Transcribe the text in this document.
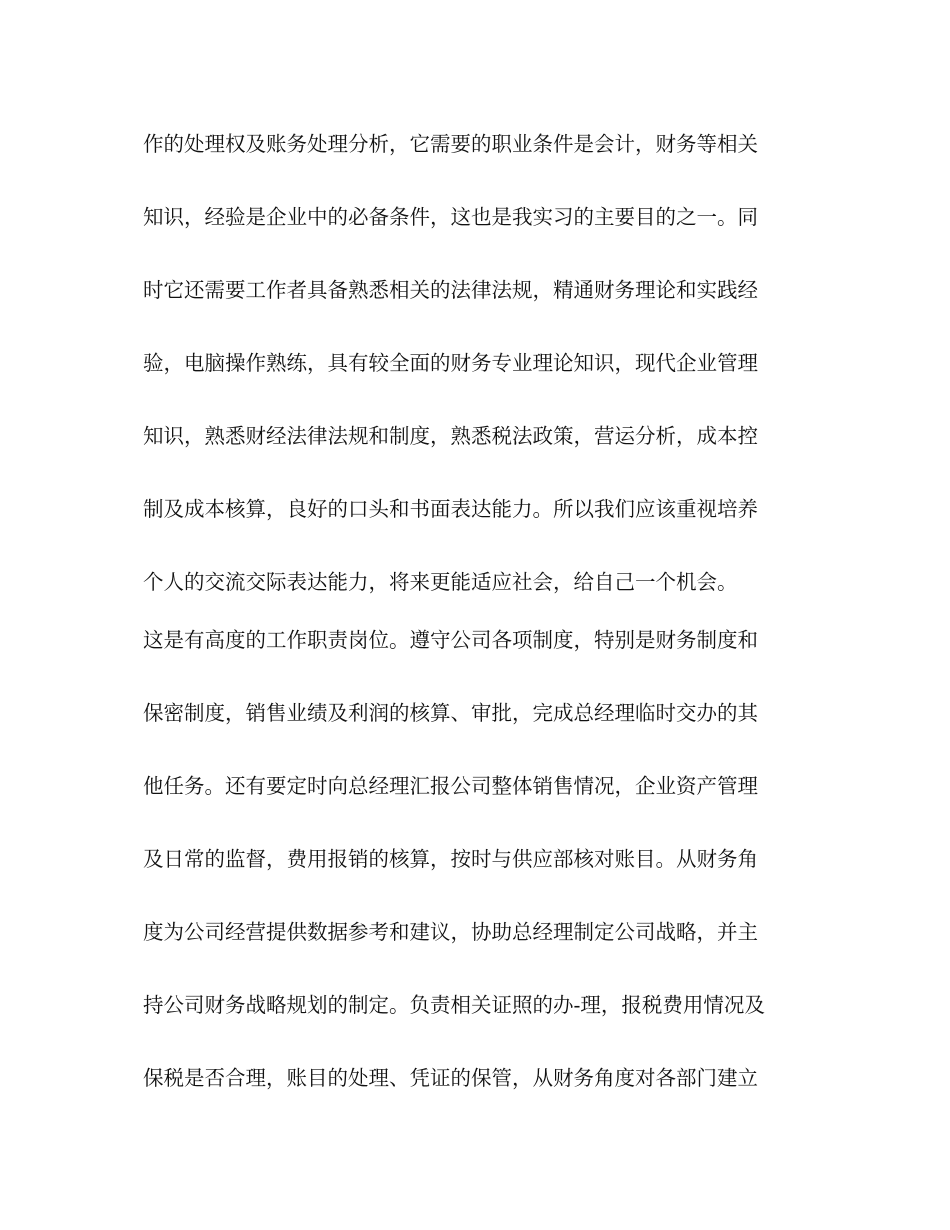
作的处理权及账务处理分析，它需要的职业条件是会计，财务等相关
知识，经验是企业中的必备条件，这也是我实习的主要目的之一。同
时它还需要工作者具备熟悉相关的法律法规，精通财务理论和实践经
验，电脑操作熟练，具有较全面的财务专业理论知识，现代企业管理
知识，熟悉财经法律法规和制度，熟悉税法政策，营运分析，成本控
制及成本核算，良好的口头和书面表达能力。所以我们应该重视培养
个人的交流交际表达能力，将来更能适应社会，给自己一个机会。
这是有高度的工作职责岗位。遵守公司各项制度，特别是财务制度和
保密制度，销售业绩及利润的核算、审批，完成总经理临时交办的其
他任务。还有要定时向总经理汇报公司整体销售情况，企业资产管理
及日常的监督，费用报销的核算，按时与供应部核对账目。从财务角
度为公司经营提供数据参考和建议，协助总经理制定公司战略，并主
持公司财务战略规划的制定。负责相关证照的办-理，报税费用情况及
保税是否合理，账目的处理、凭证的保管，从财务角度对各部门建立
